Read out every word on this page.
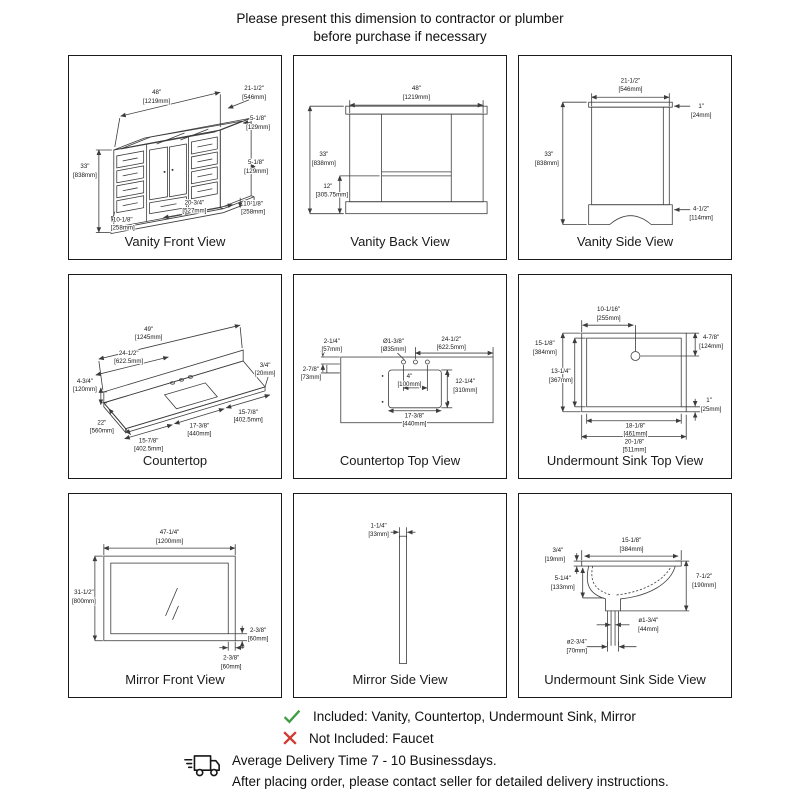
Please present this dimension to contractor or plumber
before purchase if necessary
48"
[1219mm]
21-1/2"
[546mm]
5-1/8"
[129mm]
5-1/8"
[129mm]
33"
[838mm]
20-3/4"
[527mm]
10-1/8"
[258mm]
10-1/8"
[258mm]
Vanity Front View
48"
[1219mm]
33"
[838mm]
12"
[305.75mm]
Vanity Back View
21-1/2"
[546mm]
1"
[24mm]
33"
[838mm]
4-1/2"
[114mm]
Vanity Side View
49"
[1245mm]
24-1/2"
[622.5mm]
3/4"
[20mm]
4-3/4"
[120mm]
22"
[560mm]
15-7/8"
[402.5mm]
17-3/8"
[440mm]
15-7/8"
[402.5mm]
Countertop
2-1/4"
[57mm]
Ø1-3/8"
[Ø35mm]
24-1/2"
[622.5mm]
2-7/8"
[73mm]	4"
[100mm]	12-1/4"
[310mm]
17-3/8"
[440mm]
Countertop Top View
10-1/16"
[255mm]
4-7/8"
[124mm]
15-1/8"
[384mm]
13-1/4"
[367mm]
1"
[25mm]
18-1/8"
[461mm]
20-1/8"
[511mm]
Undermount Sink Top View
47-1/4"
[1200mm]
31-1/2"
[800mm]
2-3/8"
[60mm]
2-3/8"
[60mm]
Mirror Front View
1-1/4"
[33mm]
Mirror Side View
3/4"
[19mm]
15-1/8"
[384mm]
5-1/4"
[133mm]
7-1/2"
[190mm]
ø1-3/4"
[44mm]
ø2-3/4"
[70mm]
Undermount Sink Side View
Included: Vanity, Countertop, Undermount Sink, Mirror
Not Included: Faucet
Average Delivery Time 7 - 10 Businessdays.
After placing order, please contact seller for detailed delivery instructions.
